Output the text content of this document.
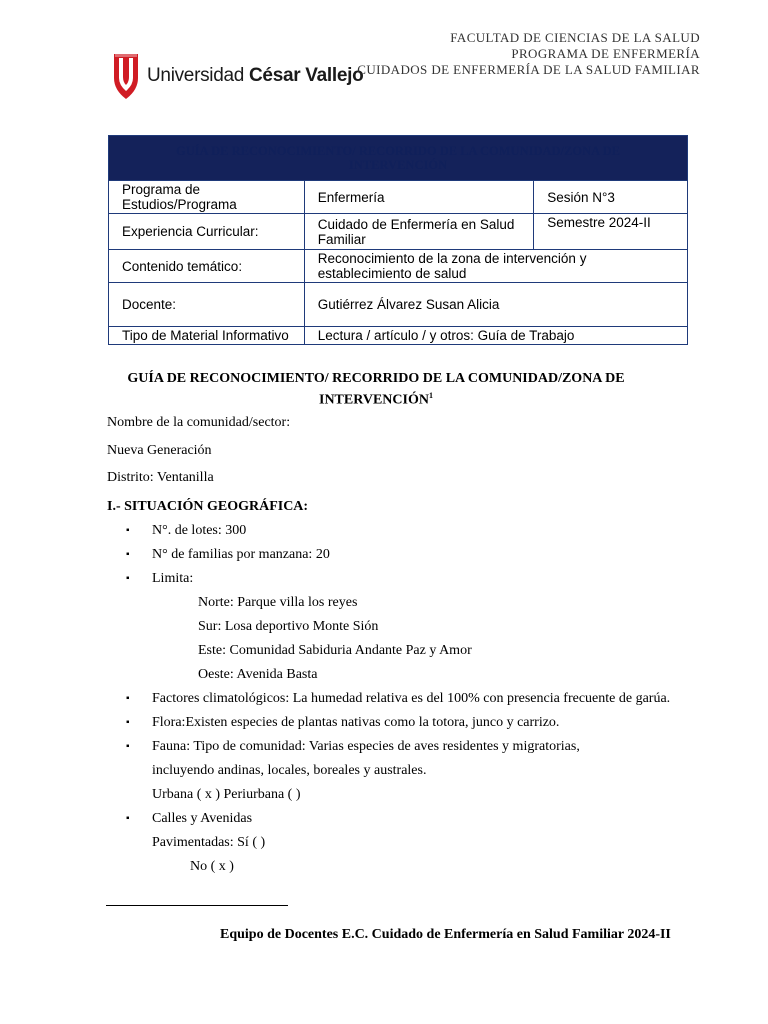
Universidad César Vallejo
FACULTAD DE CIENCIAS DE LA SALUD
PROGRAMA DE ENFERMERÍA
CUIDADOS DE ENFERMERÍA DE LA SALUD FAMILIAR
GUÍA DE RECONOCIMIENTO/ RECORRIDO DE LA COMUNIDAD/ZONA DE INTERVENCIÓN		
Programa de Estudios/Programa	Enfermería	Sesión N°3
Experiencia Curricular:	Cuidado de Enfermería en Salud Familiar	Semestre 2024-II
Contenido temático:	Reconocimiento de la zona de intervención y establecimiento de salud	
Docente:	Gutiérrez Álvarez Susan Alicia	
Tipo de Material Informativo	Lectura / artículo / y otros: Guía de Trabajo	
GUÍA DE RECONOCIMIENTO/ RECORRIDO DE LA COMUNIDAD/ZONA DE INTERVENCIÓN$^1$
Nombre de la comunidad/sector:
Nueva Generación
Distrito: Ventanilla
I.- SITUACIÓN GEOGRÁFICA:
▪ N°. de lotes: 300
▪ N° de familias por manzana: 20
▪ Limita:
Norte: Parque villa los reyes
Sur: Losa deportivo Monte Sión
Este: Comunidad Sabiduria Andante Paz y Amor
Oeste: Avenida Basta
▪ Factores climatológicos: La humedad relativa es del 100% con presencia frecuente de garúa.
▪ Flora:Existen especies de plantas nativas como la totora, junco y carrizo.
▪ Fauna: Tipo de comunidad: Varias especies de aves residentes y migratorias,
incluyendo andinas, locales, boreales y australes.
Urbana ( x ) Periurbana ( )
▪ Calles y Avenidas
Pavimentadas: Sí ( )
No ( x )
Equipo de Docentes E.C. Cuidado de Enfermería en Salud Familiar 2024-II
